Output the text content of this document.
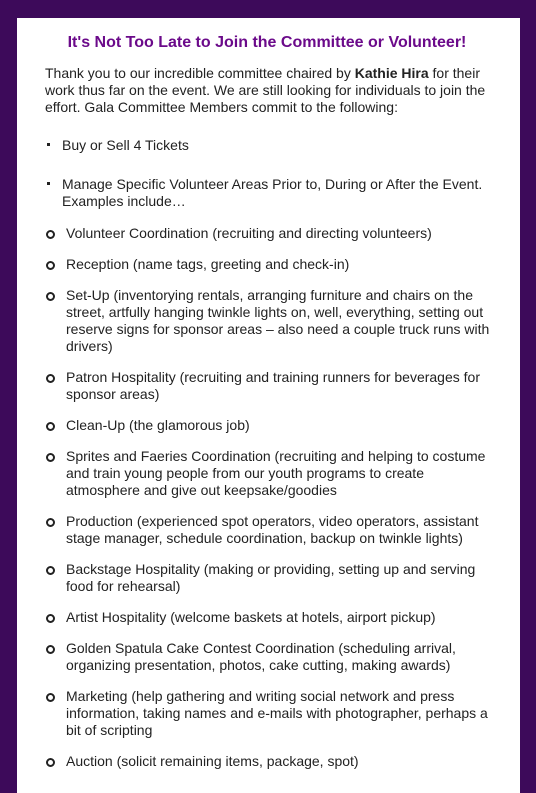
It's Not Too Late to Join the Committee or Volunteer!
Thank you to our incredible committee chaired by Kathie Hira for their work thus far on the event. We are still looking for individuals to join the effort. Gala Committee Members commit to the following:
Buy or Sell 4 Tickets
Manage Specific Volunteer Areas Prior to, During or After the Event. Examples include…
Volunteer Coordination (recruiting and directing volunteers)
Reception (name tags, greeting and check-in)
Set-Up (inventorying rentals, arranging furniture and chairs on the street, artfully hanging twinkle lights on, well, everything, setting out reserve signs for sponsor areas – also need a couple truck runs with drivers)
Patron Hospitality (recruiting and training runners for beverages for sponsor areas)
Clean-Up (the glamorous job)
Sprites and Faeries Coordination (recruiting and helping to costume and train young people from our youth programs to create atmosphere and give out keepsake/goodies
Production (experienced spot operators, video operators, assistant stage manager, schedule coordination, backup on twinkle lights)
Backstage Hospitality (making or providing, setting up and serving food for rehearsal)
Artist Hospitality (welcome baskets at hotels, airport pickup)
Golden Spatula Cake Contest Coordination (scheduling arrival, organizing presentation, photos, cake cutting, making awards)
Marketing (help gathering and writing social network and press information, taking names and e-mails with photographer, perhaps a bit of scripting
Auction (solicit remaining items, package, spot)
